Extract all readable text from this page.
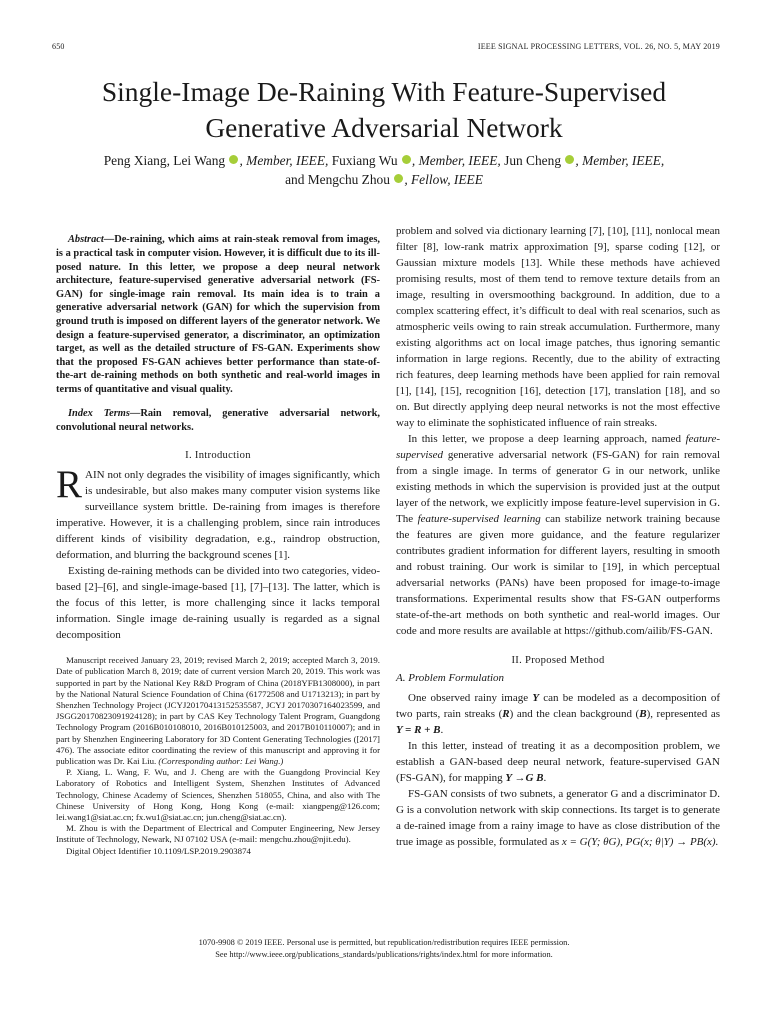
650	IEEE SIGNAL PROCESSING LETTERS, VOL. 26, NO. 5, MAY 2019
Single-Image De-Raining With Feature-Supervised
Generative Adversarial Network
Peng Xiang, Lei Wang , Member, IEEE, Fuxiang Wu , Member, IEEE, Jun Cheng , Member, IEEE,
and Mengchu Zhou , Fellow, IEEE

Abstract—De-raining, which aims at rain-steak removal from images, is a practical task in computer vision. However, it is difficult due to its ill-posed nature. In this letter, we propose a deep neural network architecture, feature-supervised generative adversarial network (FS-GAN) for single-image rain removal. Its main idea is to train a generative adversarial network (GAN) for which the supervision from ground truth is imposed on different layers of the generator network. We design a feature-supervised generator, a discriminator, an optimization target, as well as the detailed structure of FS-GAN. Experiments show that the proposed FS-GAN achieves better performance than state-of-the-art de-raining methods on both synthetic and real-world images in terms of quantitative and visual quality.

Index Terms—Rain removal, generative adversarial network, convolutional neural networks.

I. Introduction

RAIN not only degrades the visibility of images significantly, which is undesirable, but also makes many computer vision systems like surveillance system brittle. De-raining from images is therefore imperative. However, it is a challenging problem, since rain introduces different kinds of visibility degradation, e.g., raindrop obstruction, deformation, and blurring the background scenes [1].

Existing de-raining methods can be divided into two categories, video-based [2]–[6], and single-image-based [1], [7]–[13]. The latter, which is the focus of this letter, is more challenging since it lacks temporal information. Single image de-raining usually is regarded as a signal decomposition

Manuscript received January 23, 2019; revised March 2, 2019; accepted March 3, 2019. Date of publication March 8, 2019; date of current version March 20, 2019. This work was supported in part by the National Key R&D Program of China (2018YFB1308000), in part by the National Natural Science Foundation of China (61772508 and U1713213); in part by Shenzhen Technology Project (JCYJ20170413152535587, JCYJ 20170307164023599, and JSGG20170823091924128); in part by CAS Key Technology Talent Program, Guangdong Technology Program (2016B010108010, 2016B010125003, and 2017B010110007); and in part by Shenzhen Engineering Laboratory for 3D Content Generating Technologies ([2017] 476). The associate editor coordinating the review of this manuscript and approving it for publication was Dr. Kai Liu. (Corresponding author: Lei Wang.)

P. Xiang, L. Wang, F. Wu, and J. Cheng are with the Guangdong Provincial Key Laboratory of Robotics and Intelligent System, Shenzhen Institutes of Advanced Technology, Chinese Academy of Sciences, Shenzhen 518055, China, and also with The Chinese University of Hong Kong, Hong Kong (e-mail: xiangpeng@126.com; lei.wang1@siat.ac.cn; fx.wu1@siat.ac.cn; jun.cheng@siat.ac.cn).

M. Zhou is with the Department of Electrical and Computer Engineering, New Jersey Institute of Technology, Newark, NJ 07102 USA (e-mail: mengchu.zhou@njit.edu).

Digital Object Identifier 10.1109/LSP.2019.2903874

problem and solved via dictionary learning [7], [10], [11], nonlocal mean filter [8], low-rank matrix approximation [9], sparse coding [12], or Gaussian mixture models [13]. While these methods have achieved promising results, most of them tend to remove texture details from an image, resulting in oversmoothing background. In addition, due to a complex scattering effect, it’s difficult to deal with real scenarios, such as atmospheric veils owing to rain streak accumulation. Furthermore, many existing algorithms act on local image patches, thus ignoring semantic information in large regions. Recently, due to the ability of extracting rich features, deep learning methods have been applied for rain removal [1], [14], [15], recognition [16], detection [17], translation [18], and so on. But directly applying deep neural networks is not the most effective way to eliminate the sophisticated influence of rain streaks.

In this letter, we propose a deep learning approach, named feature-supervised generative adversarial network (FS-GAN) for rain removal from a single image. In terms of generator G in our network, unlike existing methods in which the supervision is provided just at the output layer of the network, we explicitly impose feature-level supervision in G. The feature-supervised learning can stabilize network training because the features are given more guidance, and the feature regularizer contributes gradient information for different layers, resulting in smooth and robust training. Our work is similar to [19], in which perceptual adversarial networks (PANs) have been proposed for image-to-image transformations. Experimental results show that FS-GAN outperforms state-of-the-art methods on both synthetic and real-world images. Our code and more results are available at https://github.com/ailib/FS-GAN.

II. Proposed Method
A. Problem Formulation

One observed rainy image Y can be modeled as a decomposition of two parts, rain streaks (R) and the clean background (B), represented as Y = R + B.

In this letter, instead of treating it as a decomposition problem, we establish a GAN-based deep neural network, feature-supervised GAN (FS-GAN), for mapping Y →G B.

FS-GAN consists of two subnets, a generator G and a discriminator D. G is a convolution network with skip connections. Its target is to generate a de-rained image from a rainy image to have as close distribution of the true image as possible, formulated as x = G(Y; θG), PG(x; θ|Y) → PB(x).

1070-9908 © 2019 IEEE. Personal use is permitted, but republication/redistribution requires IEEE permission.
See http://www.ieee.org/publications_standards/publications/rights/index.html for more information.
